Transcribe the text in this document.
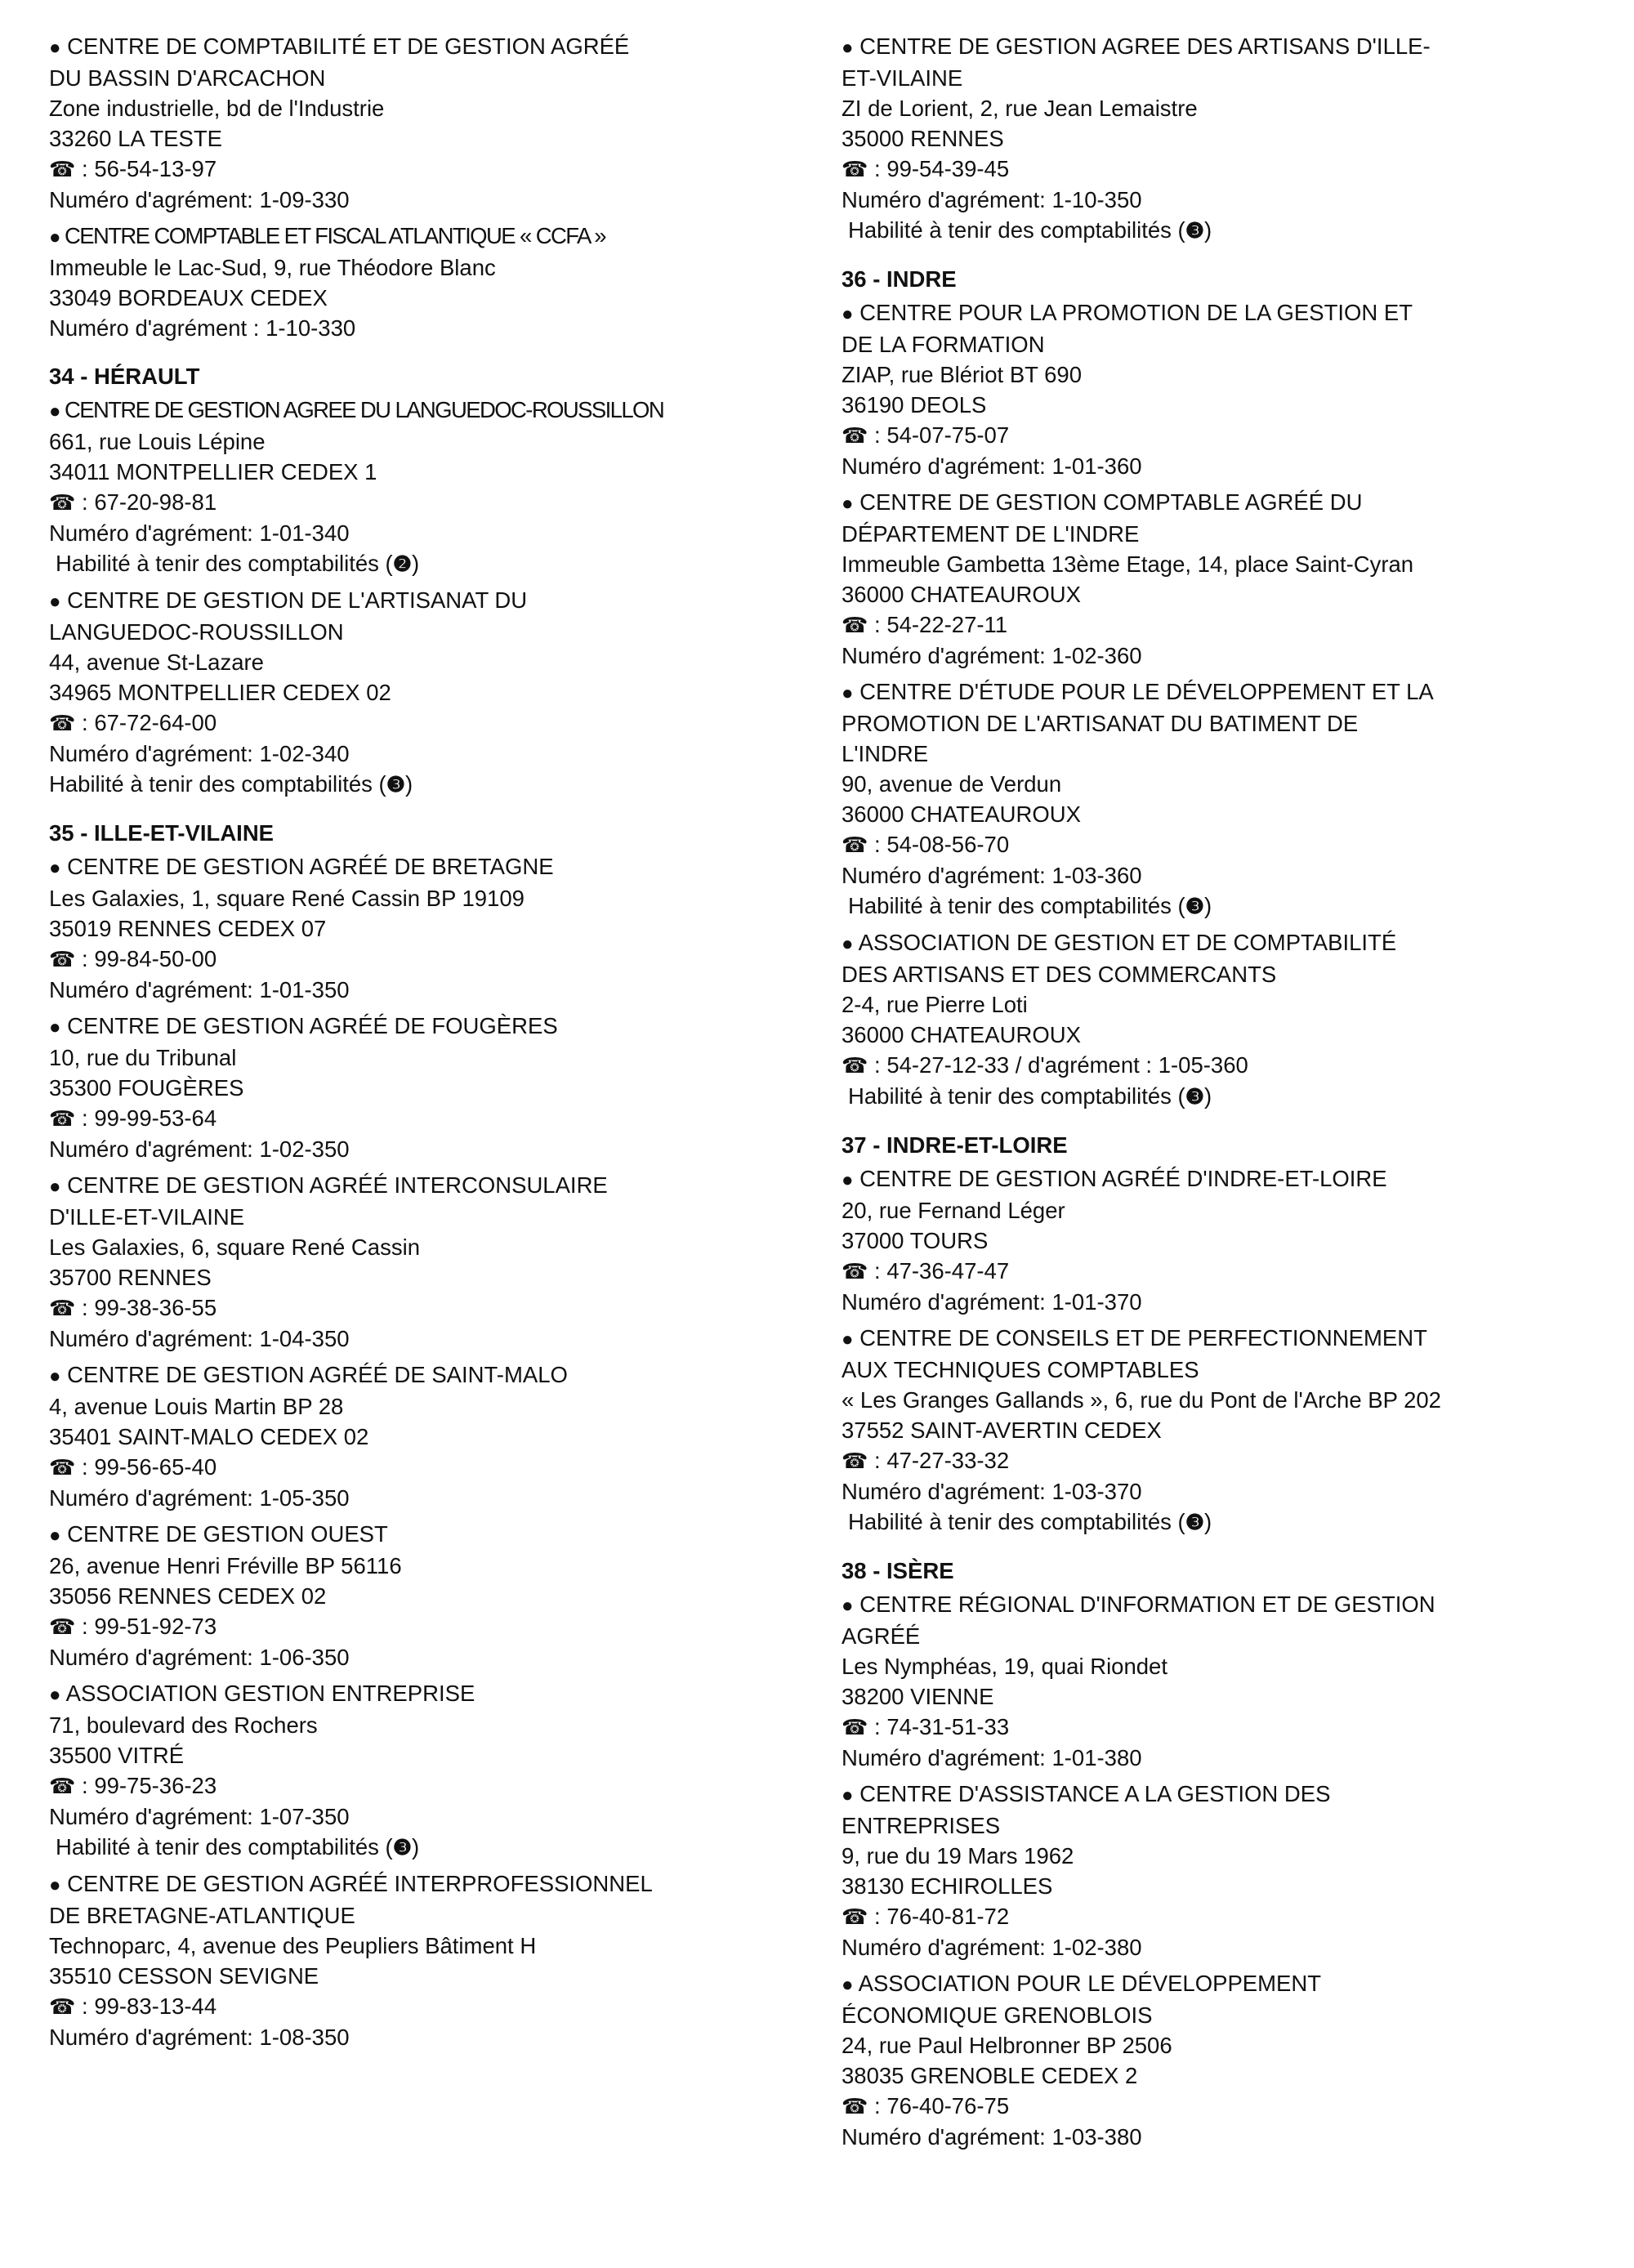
● CENTRE DE COMPTABILITÉ ET DE GESTION AGRÉÉ
DU BASSIN D'ARCACHON
Zone industrielle, bd de l'Industrie
33260 LA TESTE
☎ : 56-54-13-97
Numéro d'agrément: 1-09-330
● CENTRE COMPTABLE ET FISCAL ATLANTIQUE « CCFA »
Immeuble le Lac-Sud, 9, rue Théodore Blanc
33049 BORDEAUX CEDEX
Numéro d'agrément : 1-10-330
34 - HÉRAULT
● CENTRE DE GESTION AGREE DU LANGUEDOC-ROUSSILLON
661, rue Louis Lépine
34011 MONTPELLIER CEDEX 1
☎ : 67-20-98-81
Numéro d'agrément: 1-01-340
Habilité à tenir des comptabilités (❷)
● CENTRE DE GESTION DE L'ARTISANAT DU
LANGUEDOC-ROUSSILLON
44, avenue St-Lazare
34965 MONTPELLIER CEDEX 02
☎ : 67-72-64-00
Numéro d'agrément: 1-02-340
Habilité à tenir des comptabilités (❸)
35 - ILLE-ET-VILAINE
● CENTRE DE GESTION AGRÉÉ DE BRETAGNE
Les Galaxies, 1, square René Cassin BP 19109
35019 RENNES CEDEX 07
☎ : 99-84-50-00
Numéro d'agrément: 1-01-350
● CENTRE DE GESTION AGRÉÉ DE FOUGÈRES
10, rue du Tribunal
35300 FOUGÈRES
☎ : 99-99-53-64
Numéro d'agrément: 1-02-350
● CENTRE DE GESTION AGRÉÉ INTERCONSULAIRE
D'ILLE-ET-VILAINE
Les Galaxies, 6, square René Cassin
35700 RENNES
☎ : 99-38-36-55
Numéro d'agrément: 1-04-350
● CENTRE DE GESTION AGRÉÉ DE SAINT-MALO
4, avenue Louis Martin BP 28
35401 SAINT-MALO CEDEX 02
☎ : 99-56-65-40
Numéro d'agrément: 1-05-350
● CENTRE DE GESTION OUEST
26, avenue Henri Fréville BP 56116
35056 RENNES CEDEX 02
☎ : 99-51-92-73
Numéro d'agrément: 1-06-350
● ASSOCIATION GESTION ENTREPRISE
71, boulevard des Rochers
35500 VITRÉ
☎ : 99-75-36-23
Numéro d'agrément: 1-07-350
Habilité à tenir des comptabilités (❸)
● CENTRE DE GESTION AGRÉÉ INTERPROFESSIONNEL
DE BRETAGNE-ATLANTIQUE
Technoparc, 4, avenue des Peupliers Bâtiment H
35510 CESSON SEVIGNE
☎ : 99-83-13-44
Numéro d'agrément: 1-08-350
● CENTRE DE GESTION AGREE DES ARTISANS D'ILLE-
ET-VILAINE
ZI de Lorient, 2, rue Jean Lemaistre
35000 RENNES
☎ : 99-54-39-45
Numéro d'agrément: 1-10-350
Habilité à tenir des comptabilités (❸)
36 - INDRE
● CENTRE POUR LA PROMOTION DE LA GESTION ET
DE LA FORMATION
ZIAP, rue Blériot BT 690
36190 DEOLS
☎ : 54-07-75-07
Numéro d'agrément: 1-01-360
● CENTRE DE GESTION COMPTABLE AGRÉÉ DU
DÉPARTEMENT DE L'INDRE
Immeuble Gambetta 13ème Etage, 14, place Saint-Cyran
36000 CHATEAUROUX
☎ : 54-22-27-11
Numéro d'agrément: 1-02-360
● CENTRE D'ÉTUDE POUR LE DÉVELOPPEMENT ET LA
PROMOTION DE L'ARTISANAT DU BATIMENT DE
L'INDRE
90, avenue de Verdun
36000 CHATEAUROUX
☎ : 54-08-56-70
Numéro d'agrément: 1-03-360
Habilité à tenir des comptabilités (❸)
● ASSOCIATION DE GESTION ET DE COMPTABILITÉ
DES ARTISANS ET DES COMMERCANTS
2-4, rue Pierre Loti
36000 CHATEAUROUX
☎ : 54-27-12-33 / d'agrément : 1-05-360
Habilité à tenir des comptabilités (❸)
37 - INDRE-ET-LOIRE
● CENTRE DE GESTION AGRÉÉ D'INDRE-ET-LOIRE
20, rue Fernand Léger
37000 TOURS
☎ : 47-36-47-47
Numéro d'agrément: 1-01-370
● CENTRE DE CONSEILS ET DE PERFECTIONNEMENT
AUX TECHNIQUES COMPTABLES
« Les Granges Gallands », 6, rue du Pont de l'Arche BP 202
37552 SAINT-AVERTIN CEDEX
☎ : 47-27-33-32
Numéro d'agrément: 1-03-370
Habilité à tenir des comptabilités (❸)
38 - ISÈRE
● CENTRE RÉGIONAL D'INFORMATION ET DE GESTION
AGRÉÉ
Les Nymphéas, 19, quai Riondet
38200 VIENNE
☎ : 74-31-51-33
Numéro d'agrément: 1-01-380
● CENTRE D'ASSISTANCE A LA GESTION DES
ENTREPRISES
9, rue du 19 Mars 1962
38130 ECHIROLLES
☎ : 76-40-81-72
Numéro d'agrément: 1-02-380
● ASSOCIATION POUR LE DÉVELOPPEMENT
ÉCONOMIQUE GRENOBLOIS
24, rue Paul Helbronner BP 2506
38035 GRENOBLE CEDEX 2
☎ : 76-40-76-75
Numéro d'agrément: 1-03-380
